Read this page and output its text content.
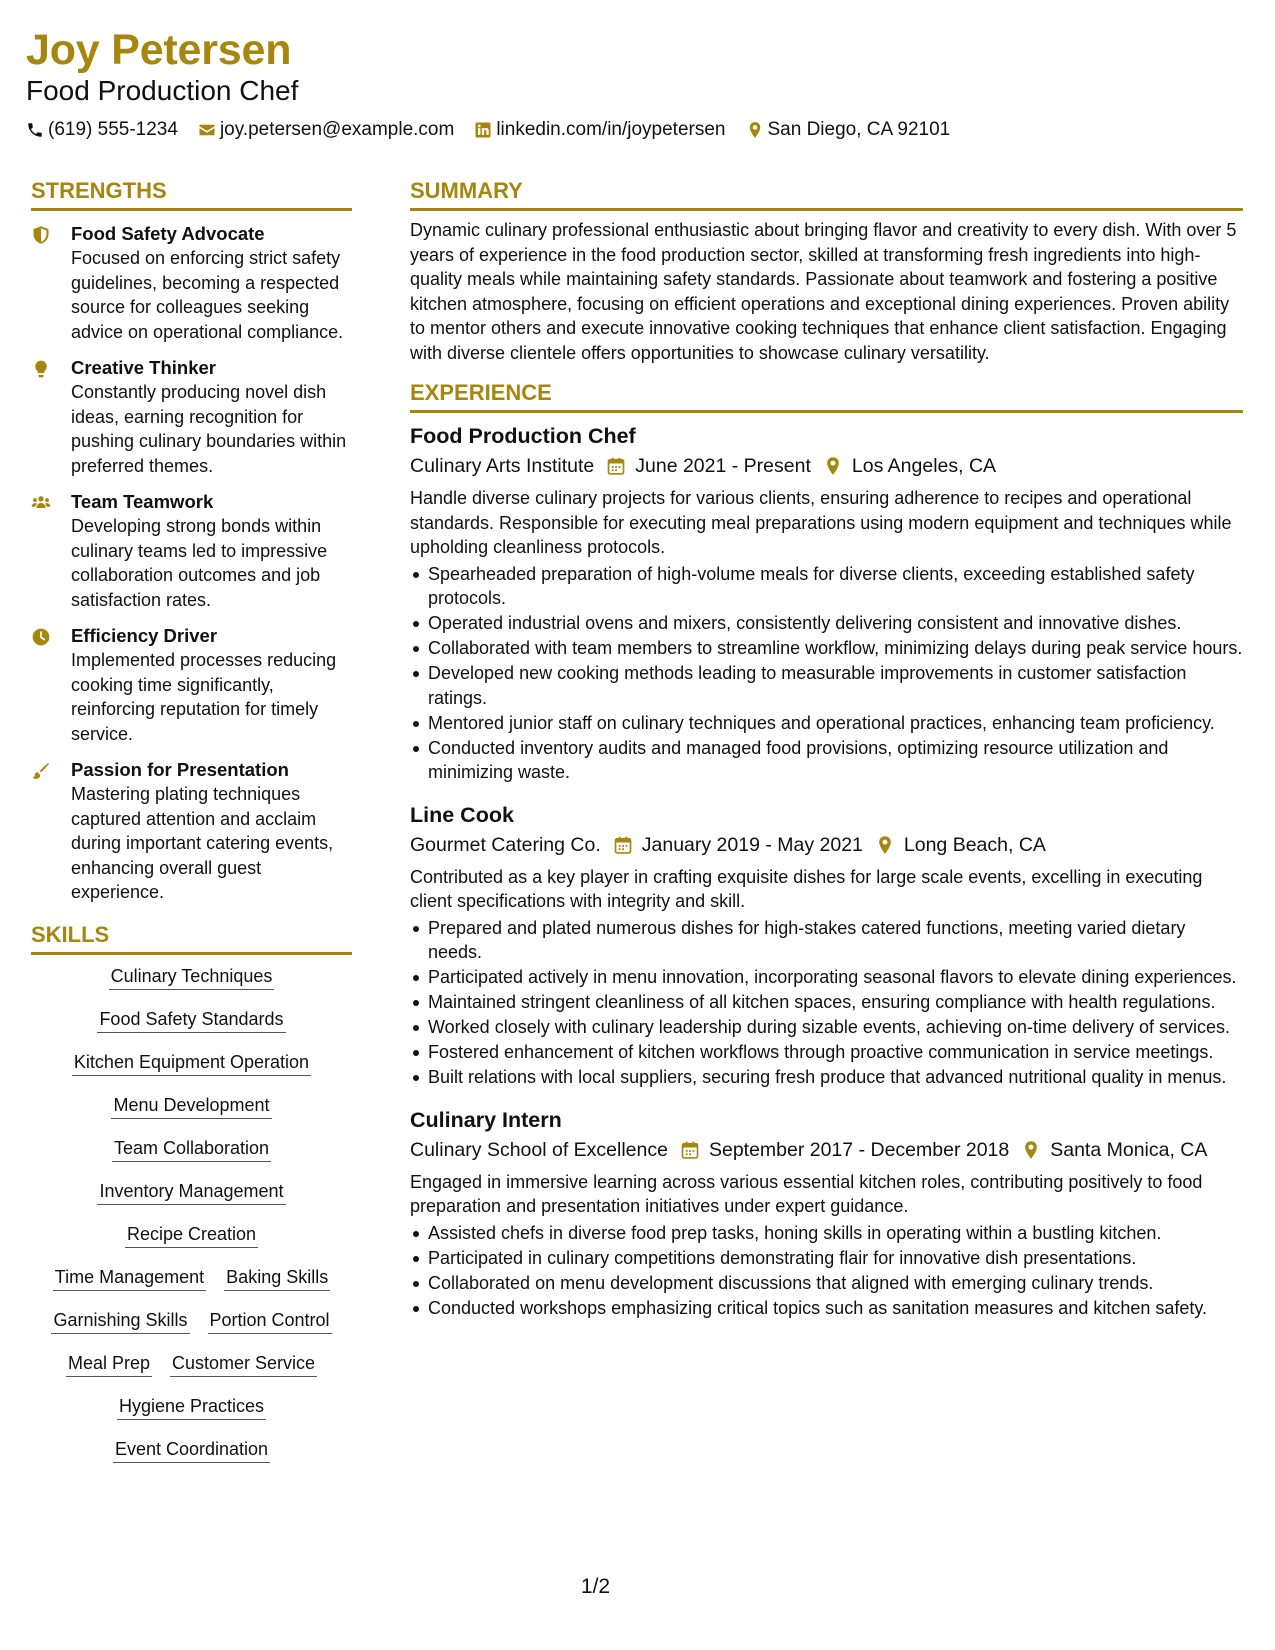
Joy Petersen
Food Production Chef
(619) 555-1234 joy.petersen@example.com linkedin.com/in/joypetersen San Diego, CA 92101
STRENGTHS
Food Safety Advocate
Focused on enforcing strict safety guidelines, becoming a respected source for colleagues seeking advice on operational compliance.
Creative Thinker
Constantly producing novel dish ideas, earning recognition for pushing culinary boundaries within preferred themes.
Team Teamwork
Developing strong bonds within culinary teams led to impressive collaboration outcomes and job satisfaction rates.
Efficiency Driver
Implemented processes reducing cooking time significantly, reinforcing reputation for timely service.
Passion for Presentation
Mastering plating techniques captured attention and acclaim during important catering events, enhancing overall guest experience.
SKILLS
Culinary Techniques
Food Safety Standards
Kitchen Equipment Operation
Menu Development
Team Collaboration
Inventory Management
Recipe Creation
Time Management Baking Skills
Garnishing Skills Portion Control
Meal Prep Customer Service
Hygiene Practices
Event Coordination
SUMMARY

Dynamic culinary professional enthusiastic about bringing flavor and creativity to every dish. With over 5 years of experience in the food production sector, skilled at transforming fresh ingredients into high-quality meals while maintaining safety standards. Passionate about teamwork and fostering a positive kitchen atmosphere, focusing on efficient operations and exceptional dining experiences. Proven ability to mentor others and execute innovative cooking techniques that enhance client satisfaction. Engaging with diverse clientele offers opportunities to showcase culinary versatility.

EXPERIENCE
Food Production Chef
Culinary Arts Institute June 2021 - Present Los Angeles, CA

Handle diverse culinary projects for various clients, ensuring adherence to recipes and operational standards. Responsible for executing meal preparations using modern equipment and techniques while upholding cleanliness protocols.

Spearheaded preparation of high-volume meals for diverse clients, exceeding established safety protocols.
Operated industrial ovens and mixers, consistently delivering consistent and innovative dishes.
Collaborated with team members to streamline workflow, minimizing delays during peak service hours.
Developed new cooking methods leading to measurable improvements in customer satisfaction ratings.
Mentored junior staff on culinary techniques and operational practices, enhancing team proficiency.
Conducted inventory audits and managed food provisions, optimizing resource utilization and minimizing waste.
Line Cook
Gourmet Catering Co. January 2019 - May 2021 Long Beach, CA

Contributed as a key player in crafting exquisite dishes for large scale events, excelling in executing client specifications with integrity and skill.

Prepared and plated numerous dishes for high-stakes catered functions, meeting varied dietary needs.
Participated actively in menu innovation, incorporating seasonal flavors to elevate dining experiences.
Maintained stringent cleanliness of all kitchen spaces, ensuring compliance with health regulations.
Worked closely with culinary leadership during sizable events, achieving on-time delivery of services.
Fostered enhancement of kitchen workflows through proactive communication in service meetings.
Built relations with local suppliers, securing fresh produce that advanced nutritional quality in menus.
Culinary Intern
Culinary School of Excellence September 2017 - December 2018 Santa Monica, CA

Engaged in immersive learning across various essential kitchen roles, contributing positively to food preparation and presentation initiatives under expert guidance.

Assisted chefs in diverse food prep tasks, honing skills in operating within a bustling kitchen.
Participated in culinary competitions demonstrating flair for innovative dish presentations.
Collaborated on menu development discussions that aligned with emerging culinary trends.
Conducted workshops emphasizing critical topics such as sanitation measures and kitchen safety.
1/2
